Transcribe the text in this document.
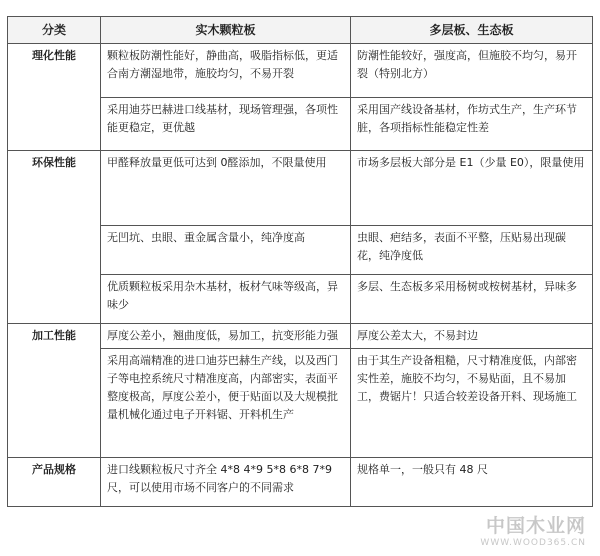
分类	实木颗粒板	多层板、生态板
理化性能	颗粒板防潮性能好，静曲高，吸脂指标低，更适合南方潮湿地带，施胶均匀，不易开裂	防潮性能较好，强度高，但施胶不均匀，易开裂（特别北方）
	采用迪芬巴赫进口线基材，现场管理强，各项性能更稳定，更优越	采用国产线设备基材，作坊式生产，生产环节脏，各项指标性能稳定性差
环保性能	甲醛释放量更低可达到 0醛添加，不限量使用	市场多层板大部分是 E1（少量 E0），限量使用
	无凹坑、虫眼、重金属含量小，纯净度高	虫眼、疤结多，表面不平整，压贴易出现碳花，纯净度低
	优质颗粒板采用杂木基材，板材气味等级高，异味少	多层、生态板多采用杨树或桉树基材，异味多
加工性能	厚度公差小，翘曲度低，易加工，抗变形能力强	厚度公差太大，不易封边
	采用高端精准的进口迪芬巴赫生产线，以及西门子等电控系统尺寸精准度高，内部密实，表面平整度极高，厚度公差小，便于贴面以及大规模批量机械化通过电子开料锯、开料机生产	由于其生产设备粗糙，尺寸精准度低，内部密实性差，施胶不均匀，不易贴面，且不易加工，费锯片！只适合较差设备开料、现场施工
产品规格	进口线颗粒板尺寸齐全 4*8 4*9 5*8 6*8 7*9 尺，可以使用市场不同客户的不同需求	规格单一，一般只有 48 尺
中国木业网
WWW.WOOD365.CN
